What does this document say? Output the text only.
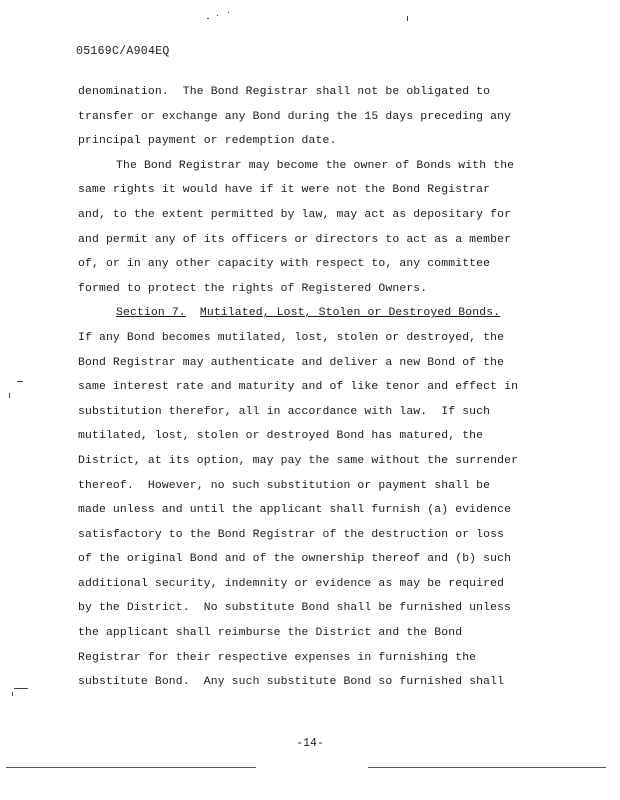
05169C/A904EQ
denomination.  The Bond Registrar shall not be obligated to
transfer or exchange any Bond during the 15 days preceding any
principal payment or redemption date.
The Bond Registrar may become the owner of Bonds with the
same rights it would have if it were not the Bond Registrar
and, to the extent permitted by law, may act as depositary for
and permit any of its officers or directors to act as a member
of, or in any other capacity with respect to, any committee
formed to protect the rights of Registered Owners.
Section 7. Mutilated, Lost, Stolen or Destroyed Bonds.
If any Bond becomes mutilated, lost, stolen or destroyed, the
Bond Registrar may authenticate and deliver a new Bond of the
same interest rate and maturity and of like tenor and effect in
substitution therefor, all in accordance with law.  If such
mutilated, lost, stolen or destroyed Bond has matured, the
District, at its option, may pay the same without the surrender
thereof.  However, no such substitution or payment shall be
made unless and until the applicant shall furnish (a) evidence
satisfactory to the Bond Registrar of the destruction or loss
of the original Bond and of the ownership thereof and (b) such
additional security, indemnity or evidence as may be required
by the District.  No substitute Bond shall be furnished unless
the applicant shall reimburse the District and the Bond
Registrar for their respective expenses in furnishing the
substitute Bond.  Any such substitute Bond so furnished shall
-14-
